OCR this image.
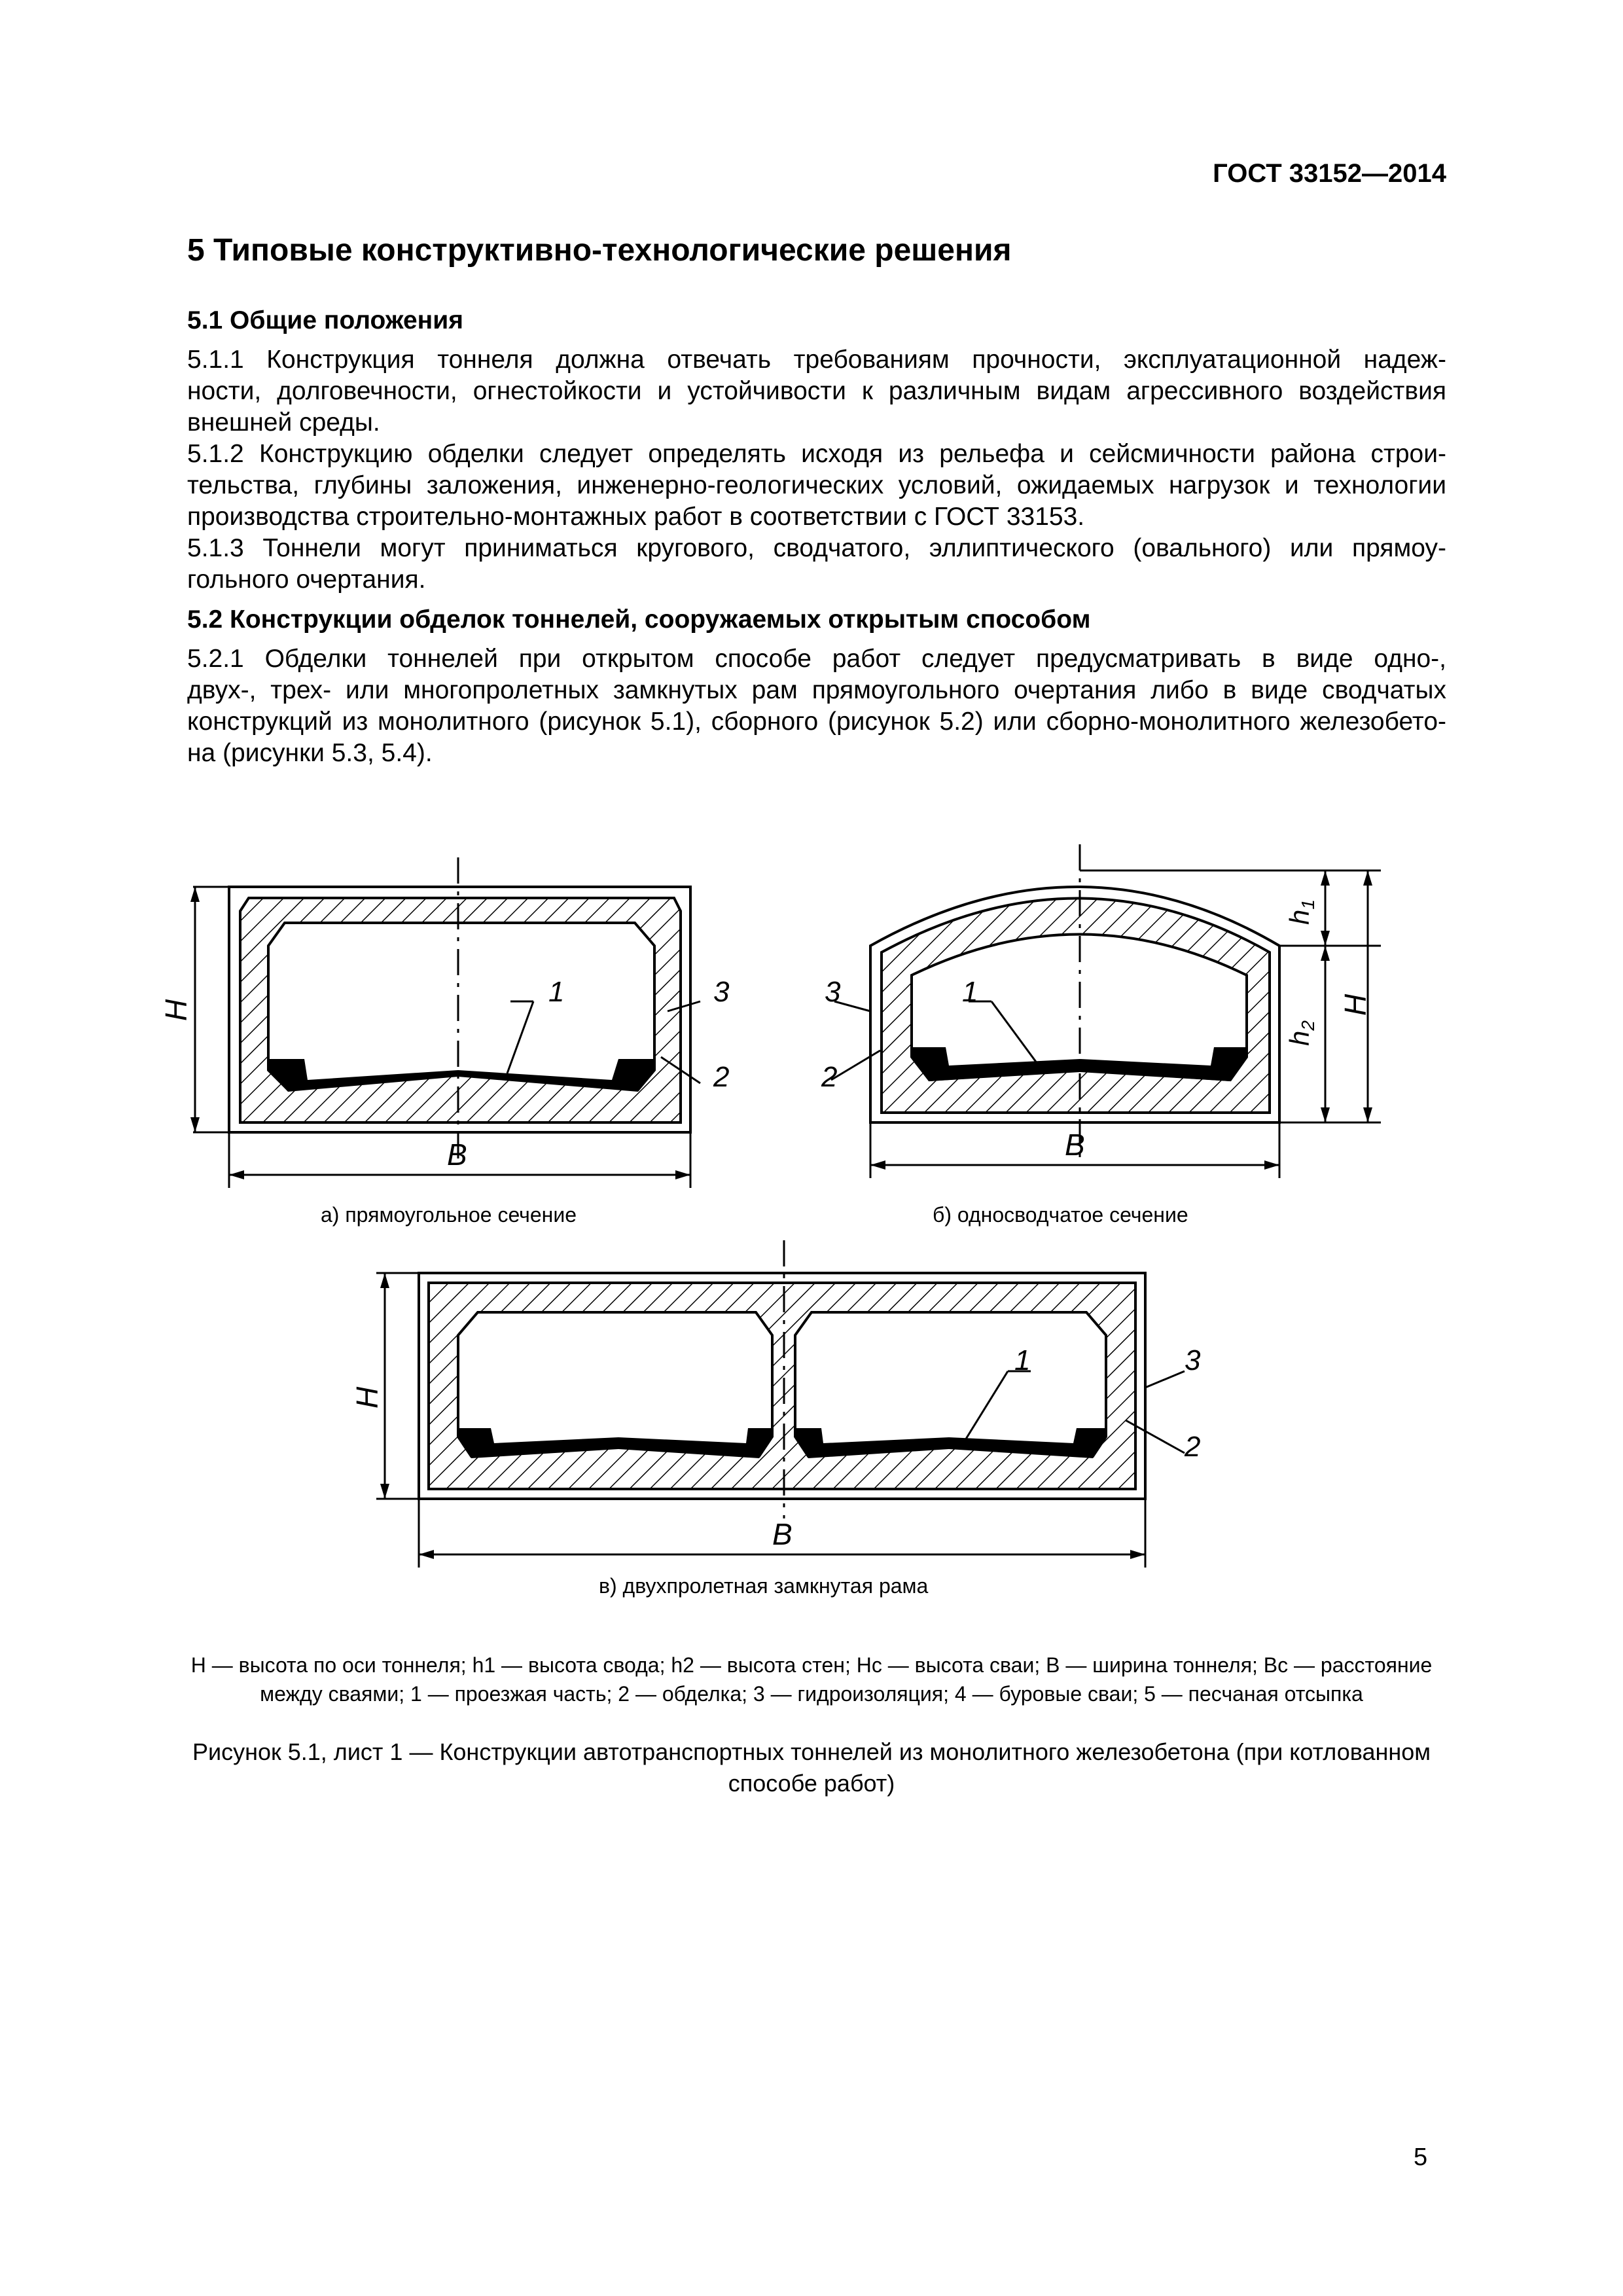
ГОСТ 33152—2014
5 Типовые конструктивно-технологические решения
5.1 Общие положения
5.1.1 Конструкция тоннеля должна отвечать требованиям прочности, эксплуатационной надеж-
ности, долговечности, огнестойкости и устойчивости к различным видам агрессивного воздействия
внешней среды.
5.1.2 Конструкцию обделки следует определять исходя из рельефа и сейсмичности района строи-
тельства, глубины заложения, инженерно-геологических условий, ожидаемых нагрузок и технологии
производства строительно-монтажных работ в соответствии с ГОСТ 33153.
5.1.3 Тоннели могут приниматься кругового, сводчатого, эллиптического (овального) или прямоу-
гольного очертания.
5.2 Конструкции обделок тоннелей, сооружаемых открытым способом
5.2.1 Обделки тоннелей при открытом способе работ следует предусматривать в виде одно-,
двух-, трех- или многопролетных замкнутых рам прямоугольного очертания либо в виде сводчатых
конструкций из монолитного (рисунок 5.1), сборного (рисунок 5.2) или сборно-монолитного железобето-
на (рисунки 5.3, 5.4).
H
B
1	3
2
h1
h2
H
B
1
3
2
H
B
1	3
2
а) прямоугольное сечение	б) односводчатое сечение
в) двухпролетная замкнутая рама
H — высота по оси тоннеля; h1 — высота свода; h2 — высота стен; Hc — высота сваи; B — ширина тоннеля; Bc — расстояние
между сваями; 1 — проезжая часть; 2 — обделка; 3 — гидроизоляция; 4 — буровые сваи; 5 — песчаная отсыпка
Рисунок 5.1, лист 1 — Конструкции автотранспортных тоннелей из монолитного железобетона (при котлованном
способе работ)
5
